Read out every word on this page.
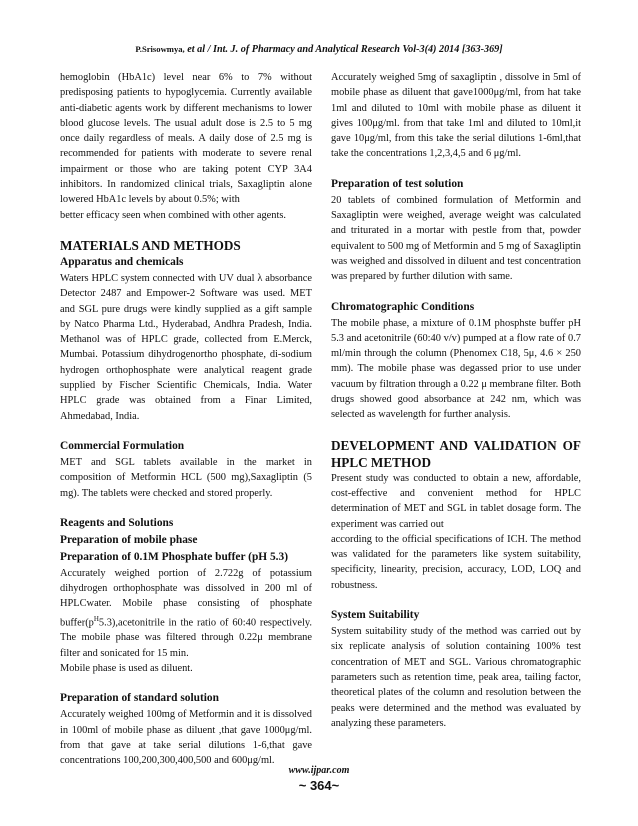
P.Srisowmya, et al / Int. J. of Pharmacy and Analytical Research Vol-3(4) 2014 [363-369]

hemoglobin (HbA1c) level near 6% to 7% without predisposing patients to hypoglycemia. Currently available anti-diabetic agents work by different mechanisms to lower blood glucose levels. The usual adult dose is 2.5 to 5 mg once daily regardless of meals. A daily dose of 2.5 mg is recommended for patients with moderate to severe renal impairment or those who are taking potent CYP 3A4 inhibitors. In randomized clinical trials, Saxagliptin alone lowered HbA1c levels by about 0.5%; with

better efficacy seen when combined with other agents.

MATERIALS AND METHODS
Apparatus and chemicals

Waters HPLC system connected with UV dual λ absorbance Detector 2487 and Empower-2 Software was used. MET and SGL pure drugs were kindly supplied as a gift sample by Natco Pharma Ltd., Hyderabad, Andhra Pradesh, India. Methanol was of HPLC grade, collected from E.Merck, Mumbai. Potassium dihydrogenortho phosphate, di-sodium hydrogen orthophosphate were analytical reagent grade supplied by Fischer Scientific Chemicals, India. Water HPLC grade was obtained from a Finar Limited, Ahmedabad, India.

Commercial Formulation

MET and SGL tablets available in the market in composition of Metformin HCL (500 mg),Saxagliptin (5 mg). The tablets were checked and stored properly.

Reagents and Solutions
Preparation of mobile phase
Preparation of 0.1M Phosphate buffer (pH 5.3)

Accurately weighed portion of 2.722g of potassium dihydrogen orthophosphate was dissolved in 200 ml of HPLCwater. Mobile phase consisting of phosphate $buffer(p^H5.3),acetonitrile$ in the ratio of 60:40 respectively. The mobile phase was filtered through 0.22μ membrane filter and sonicated for 15 min.

Mobile phase is used as diluent.

Preparation of standard solution

Accurately weighed 100mg of Metformin and it is dissolved in 100ml of mobile phase as diluent ,that gave 1000μg/ml. from that gave at take serial dilutions 1-6,that gave concentrations 100,200,300,400,500 and 600μg/ml.

Accurately weighed 5mg of saxagliptin , dissolve in 5ml of mobile phase as diluent that gave1000μg/ml, from hat take 1ml and diluted to 10ml with mobile phase as diluent it gives 100μg/ml. from that take 1ml and diluted to 10ml,it gave 10μg/ml, from this take the serial dilutions 1-6ml,that take the concentrations 1,2,3,4,5 and 6 μg/ml.

Preparation of test solution

20 tablets of combined formulation of Metformin and Saxagliptin were weighed, average weight was calculated and triturated in a mortar with pestle from that, powder equivalent to 500 mg of Metformin and 5 mg of Saxagliptin was weighed and dissolved in diluent and test concentration was prepared by further dilution with same.

Chromatographic Conditions

The mobile phase, a mixture of 0.1M phosphste buffer pH 5.3 and acetonitrile (60:40 v/v) pumped at a flow rate of 0.7 ml/min through the column (Phenomex C18, 5μ, 4.6 × 250 mm). The mobile phase was degassed prior to use under vacuum by filtration through a 0.22 μ membrane filter. Both drugs showed good absorbance at 242 nm, which was selected as wavelength for further analysis.

DEVELOPMENT AND VALIDATION OF HPLC METHOD

Present study was conducted to obtain a new, affordable, cost-effective and convenient method for HPLC determination of MET and SGL in tablet dosage form. The experiment was carried out

according to the official specifications of ICH. The method was validated for the parameters like system suitability, specificity, linearity, precision, accuracy, LOD, LOQ and robustness.

System Suitability

System suitability study of the method was carried out by six replicate analysis of solution containing 100% test concentration of MET and SGL. Various chromatographic parameters such as retention time, peak area, tailing factor, theoretical plates of the column and resolution between the peaks were determined and the method was evaluated by analyzing these parameters.

www.ijpar.com
~ 364~
